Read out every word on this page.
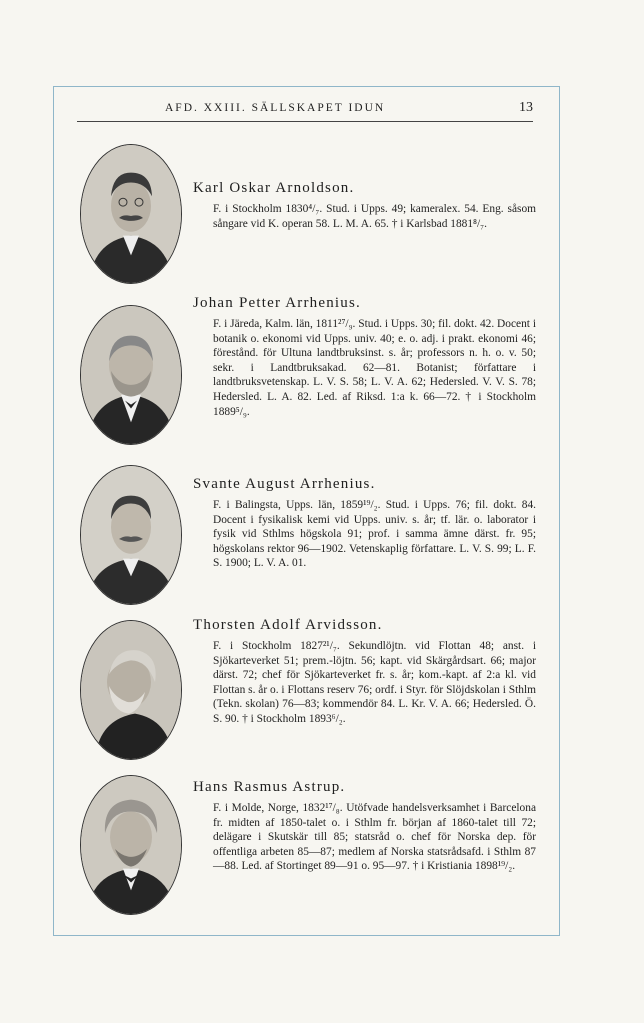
AFD. XXIII. SÄLLSKAPET IDUN	13

Karl Oskar Arnoldson.

F. i Stockholm 1830⁴/₇. Stud. i Upps. 49; kameralex. 54. Eng. såsom sångare vid K. operan 58. L. M. A. 65. † i Karlsbad 1881⁸/₇.

Johan Petter Arrhenius.

F. i Järeda, Kalm. län, 1811²⁷/₉. Stud. i Upps. 30; fil. dokt. 42. Docent i botanik o. ekonomi vid Upps. univ. 40; e. o. adj. i prakt. ekonomi 46; förestånd. för Ultuna landtbruksinst. s. år; professors n. h. o. v. 50; sekr. i Landtbruksakad. 62—81. Botanist; författare i landtbruksvetenskap. L. V. S. 58; L. V. A. 62; Hedersled. V. V. S. 78; Hedersled. L. A. 82. Led. af Riksd. 1:a k. 66—72. † i Stockholm 1889⁵/₉.

Svante August Arrhenius.

F. i Balingsta, Upps. län, 1859¹⁹/₂. Stud. i Upps. 76; fil. dokt. 84. Docent i fysikalisk kemi vid Upps. univ. s. år; tf. lär. o. laborator i fysik vid Sthlms högskola 91; prof. i samma ämne därst. fr. 95; högskolans rektor 96—1902. Vetenskaplig författare. L. V. S. 99; L. F. S. 1900; L. V. A. 01.

Thorsten Adolf Arvidsson.

F. i Stockholm 1827²¹/₇. Sekundlöjtn. vid Flottan 48; anst. i Sjökarteverket 51; prem.-löjtn. 56; kapt. vid Skärgårdsart. 66; major därst. 72; chef för Sjökarteverket fr. s. år; kom.-kapt. af 2:a kl. vid Flottan s. år o. i Flottans reserv 76; ordf. i Styr. för Slöjdskolan i Sthlm (Tekn. skolan) 76—83; kommendör 84. L. Kr. V. A. 66; Hedersled. Ö. S. 90. † i Stockholm 1893⁶/₂.

Hans Rasmus Astrup.

F. i Molde, Norge, 1832¹⁷/₈. Utöfvade handelsverksamhet i Barcelona fr. midten af 1850-talet o. i Sthlm fr. början af 1860-talet till 72; delägare i Skutskär till 85; statsråd o. chef för Norska dep. för offentliga arbeten 85—87; medlem af Norska statsrådsafd. i Sthlm 87—88. Led. af Stortinget 89—91 o. 95—97. † i Kristiania 1898¹⁹/₂.
